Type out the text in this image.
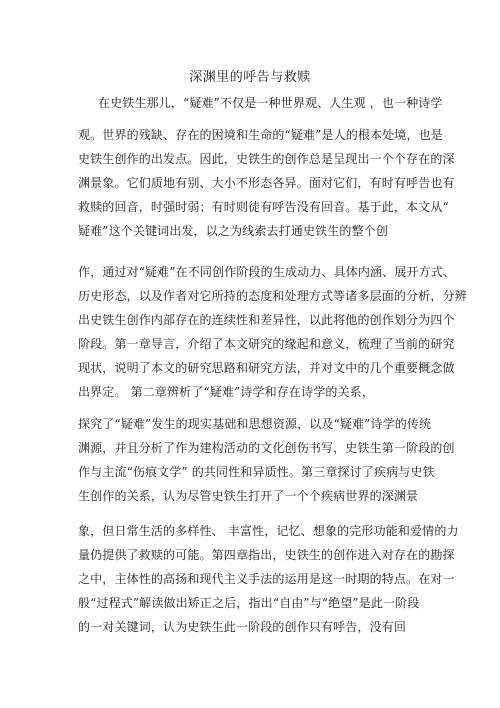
深渊里的呼告与救赎
在史铁生那儿，“疑难”不仅是一种世界观、人生观 ，也一种诗学
观。世界的残缺、存在的困境和生命的“疑难”是人的根本处境，也是
史铁生创作的出发点。因此，史铁生的创作总是呈现出一个个存在的深
渊景象。它们质地有别、大小不形态各异。面对它们，有时有呼告也有
救赎的回音，时强时弱；有时则徒有呼告没有回音。基于此，本文从“
疑难”这个关键词出发，以之为线索去打通史铁生的整个创
作，通过对“疑难”在不同创作阶段的生成动力、具体内涵、展开方式、
历史形态，以及作者对它所持的态度和处理方式等诸多层面的分析，分辨
出史铁生创作内部存在的连续性和差异性，以此将他的创作划分为四个
阶段。第一章导言，介绍了本文研究的缘起和意义，梳理了当前的研究
现状，说明了本文的研究思路和研究方法，并对文中的几个重要概念做
出界定。 第二章辨析了“疑难”诗学和存在诗学的关系，
探究了“疑难”发生的现实基础和思想资源，以及“疑难”诗学的传统
渊源，并且分析了作为建构活动的文化创伤书写，史铁生第一阶段的创
作与主流“伤痕文学” 的共同性和异质性。第三章探讨了疾病与史铁
生创作的关系，认为尽管史铁生打开了一个个疾病世界的深渊景
象，但日常生活的多样性、 丰富性，记忆、想象的完形功能和爱情的力
量仍提供了救赎的可能。第四章指出，史铁生的创作进入对存在的勘探
之中，主体性的高扬和现代主义手法的运用是这一时期的特点。在对一
般“过程式”解读做出矫正之后，指出“自由”与“绝望”是此一阶段
的一对关键词，认为史铁生此一阶段的创作只有呼告，没有回
